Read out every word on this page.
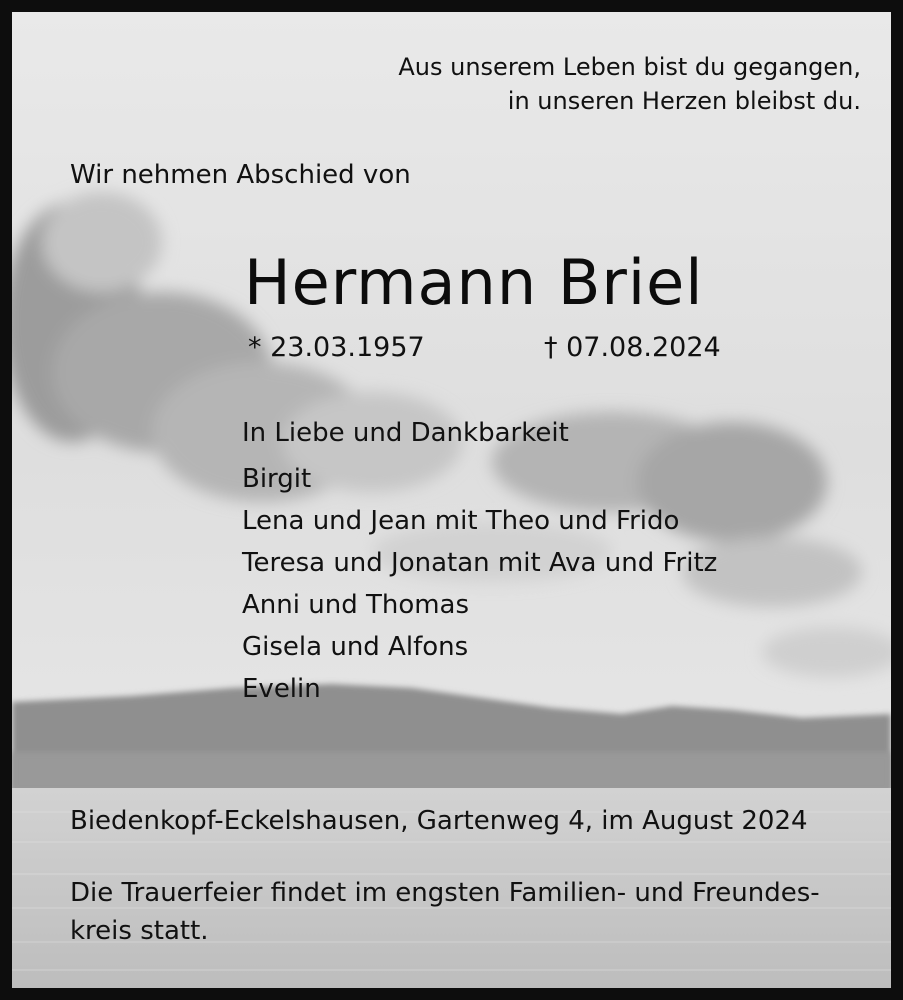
Aus unserem Leben bist du gegangen,
in unseren Herzen bleibst du.
Wir nehmen Abschied von
Hermann Briel
* 23.03.1957	† 07.08.2024
In Liebe und Dankbarkeit
Birgit
Lena und Jean mit Theo und Frido
Teresa und Jonatan mit Ava und Fritz
Anni und Thomas
Gisela und Alfons
Evelin
Biedenkopf-Eckelshausen, Gartenweg 4, im August 2024
Die Trauerfeier findet im engsten Familien- und Freundes-
kreis statt.
